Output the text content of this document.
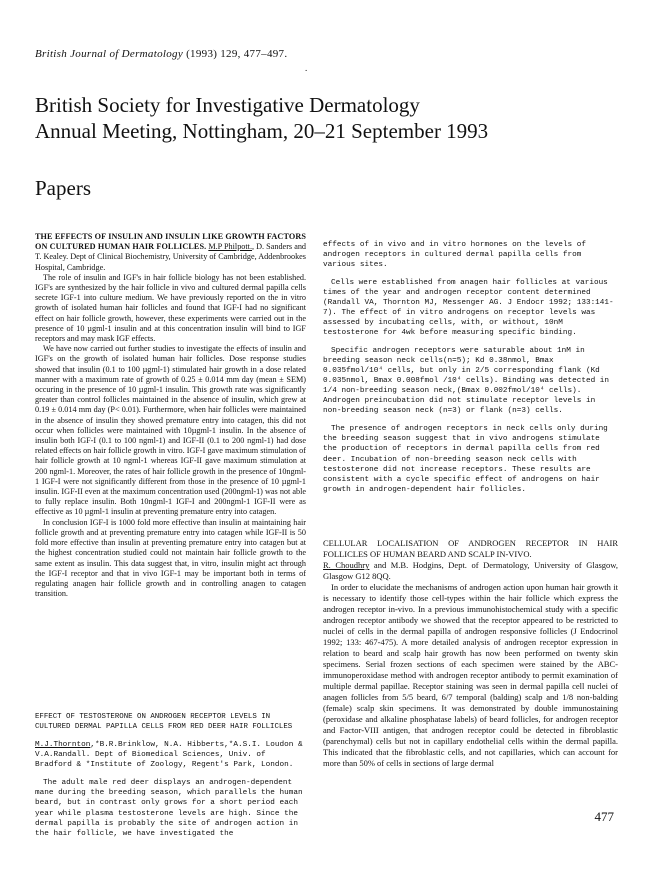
British Journal of Dermatology (1993) 129, 477–497.
.
British Society for Investigative Dermatology
Annual Meeting, Nottingham, 20–21 September 1993
Papers

THE EFFECTS OF INSULIN AND INSULIN LIKE GROWTH FACTORS ON CULTURED HUMAN HAIR FOLLICLES. M.P Philpott., D. Sanders and T. Kealey. Dept of Clinical Biochemistry, University of Cambridge, Addenbrookes Hospital, Cambridge.

The role of insulin and IGF's in hair follicle biology has not been established. IGF's are synthesized by the hair follicle in vivo and cultured dermal papilla cells secrete IGF-1 into culture medium. We have previously reported on the in vitro growth of isolated human hair follicles and found that IGF-I had no significant effect on hair follicle growth, however, these experiments were carried out in the presence of 10 µgml-1 insulin and at this concentration insulin will bind to IGF receptors and may mask IGF effects.

We have now carried out further studies to investigate the effects of insulin and IGF's on the growth of isolated human hair follicles. Dose response studies showed that insulin (0.1 to 100 µgml-1) stimulated hair growth in a dose related manner with a maximum rate of growth of 0.25 ± 0.014 mm day (mean ± SEM) occuring in the presence of 10 µgml-1 insulin. This growth rate was significantly greater than control follicles maintained in the absence of insulin, which grew at 0.19 ± 0.014 mm day (P< 0.01). Furthermore, when hair follicles were maintained in the absence of insulin they showed premature entry into catagen, this did not occur when follicles were maintained with 10µgml-1 insulin. In the absence of insulin both IGF-I (0.1 to 100 ngml-1) and IGF-II (0.1 to 200 ngml-1) had dose related effects on hair follicle growth in vitro. IGF-I gave maximum stimulation of hair follicle growth at 10 ngml-1 whereas IGF-II gave maximum stimulation at 200 ngml-1. Moreover, the rates of hair follicle growth in the presence of 10ngml-1 IGF-I were not significantly different from those in the presence of 10 µgml-1 insulin. IGF-II even at the maximum concentration used (200ngml-1) was not able to fully replace insulin. Both 10ngml-1 IGF-I and 200ngml-1 IGF-II were as effective as 10 µgml-1 insulin at preventing premature entry into catagen.

In conclusion IGF-I is 1000 fold more effective than insulin at maintaining hair follicle growth and at preventing premature entry into catagen while IGF-II is 50 fold more effective than insulin at preventing premature entry into catagen but at the highest concentration studied could not maintain hair follicle growth to the same extent as insulin. This data suggest that, in vitro, insulin might act through the IGF-I receptor and that in vivo IGF-1 may be important both in terms of regulating anagen hair follicle growth and in controlling anagen to catagen transition.

EFFECT OF TESTOSTERONE ON ANDROGEN RECEPTOR LEVELS IN CULTURED DERMAL PAPILLA CELLS FROM RED DEER HAIR FOLLICLES

M.J.Thornton,*B.R.Brinklow, N.A. Hibberts,*A.S.I. Loudon & V.A.Randall. Dept of Biomedical Sciences, Univ. of Bradford & *Institute of Zoology, Regent's Park, London.

The adult male red deer displays an androgen-dependent mane during the breeding season, which parallels the human beard, but in contrast only grows for a short period each year while plasma testosterone levels are high. Since the dermal papilla is probably the site of androgen action in the hair follicle, we have investigated the

effects of in vivo and in vitro hormones on the levels of androgen receptors in cultured dermal papilla cells from various sites.

Cells were established from anagen hair follicles at various times of the year and androgen receptor content determined (Randall VA, Thornton MJ, Messenger AG. J Endocr 1992; 133:141-7). The effect of in vitro androgens on receptor levels was assessed by incubating cells, with, or without, 10nM testosterone for 4wk before measuring specific binding.

Specific androgen receptors were saturable about 1nM in breeding season neck cells(n=5); Kd 0.38nmol, Bmax 0.035fmol/10⁴ cells, but only in 2/5 corresponding flank (Kd 0.035nmol, Bmax 0.008fmol /10⁴ cells). Binding was detected in 1/4 non-breeding season neck,(Bmax 0.002fmol/10⁴ cells). Androgen preincubation did not stimulate receptor levels in non-breeding season neck (n=3) or flank (n=3) cells.

The presence of androgen receptors in neck cells only during the breeding season suggest that in vivo androgens stimulate the production of receptors in dermal papilla cells from red deer. Incubation of non-breeding season neck cells with testosterone did not increase receptors. These results are consistent with a cycle specific effect of androgens on hair growth in androgen-dependent hair follicles.

CELLULAR LOCALISATION OF ANDROGEN RECEPTOR IN HAIR FOLLICLES OF HUMAN BEARD AND SCALP IN-VIVO.

R. Choudhry and M.B. Hodgins, Dept. of Dermatology, University of Glasgow, Glasgow G12 8QQ.

In order to elucidate the mechanisms of androgen action upon human hair growth it is necessary to identify those cell-types within the hair follicle which express the androgen receptor in-vivo. In a previous immunohistochemical study with a specific androgen receptor antibody we showed that the receptor appeared to be restricted to nuclei of cells in the dermal papilla of androgen responsive follicles (J Endocrinol 1992; 133: 467-475). A more detailed analysis of androgen receptor expression in relation to beard and scalp hair growth has now been performed on twenty skin specimens. Serial frozen sections of each specimen were stained by the ABC- immunoperoxidase method with androgen receptor antibody to permit examination of multiple dermal papillae. Receptor staining was seen in dermal papilla cell nuclei of anagen follicles from 5/5 beard, 6/7 temporal (balding) scalp and 1/8 non-balding (female) scalp skin specimens. It was demonstrated by double immunostaining (peroxidase and alkaline phosphatase labels) of beard follicles, for androgen receptor and Factor-VIII antigen, that androgen receptor could be detected in fibroblastic (parenchymal) cells but not in capillary endothelial cells within the dermal papilla. This indicated that the fibroblastic cells, and not capillaries, which can account for more than 50% of cells in sections of large dermal

477
